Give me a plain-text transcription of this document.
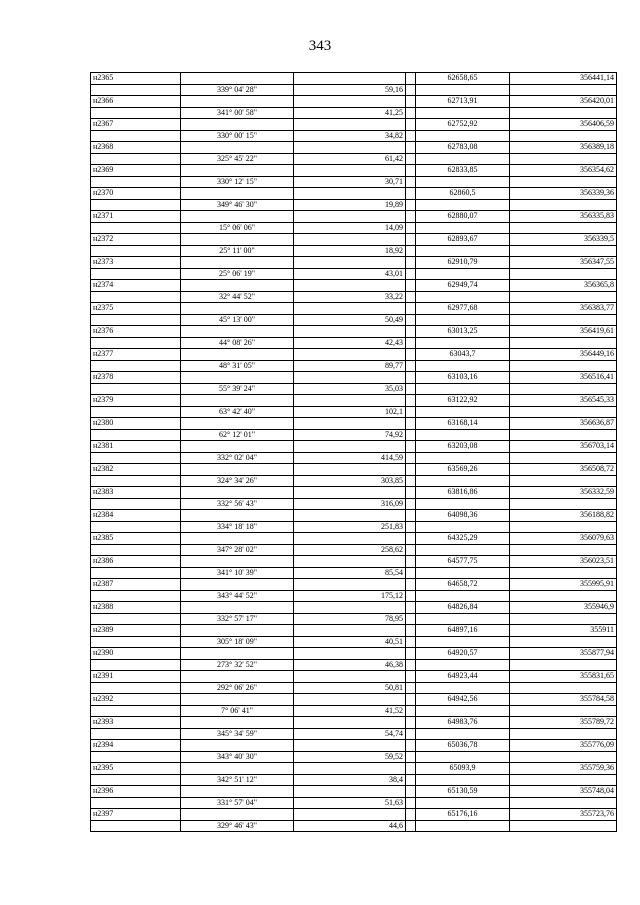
343
н2365				62658,65	356441,14
	339° 04' 28"	59,16			
н2366				62713,91	356420,01
	341° 00' 58"	41,25			
н2367				62752,92	356406,59
	330° 00' 15"	34,82			
н2368				62783,08	356389,18
	325° 45' 22"	61,42			
н2369				62833,85	356354,62
	330° 12' 15"	30,71			
н2370				62860,5	356339,36
	349° 46' 30"	19,89			
н2371				62880,07	356335,83
	15° 06' 06"	14,09			
н2372				62893,67	356339,5
	25° 11' 00"	18,92			
н2373				62910,79	356347,55
	25° 06' 19"	43,01			
н2374				62949,74	356365,8
	32° 44' 52"	33,22			
н2375				62977,68	356383,77
	45° 13' 00"	50,49			
н2376				63013,25	356419,61
	44° 08' 26"	42,43			
н2377				63043,7	356449,16
	48° 31' 05"	89,77			
н2378				63103,16	356516,41
	55° 39' 24"	35,03			
н2379				63122,92	356545,33
	63° 42' 40"	102,1			
н2380				63168,14	356636,87
	62° 12' 01"	74,92			
н2381				63203,08	356703,14
	332° 02' 04"	414,59			
н2382				63569,26	356508,72
	324° 34' 26"	303,85			
н2383				63816,86	356332,59
	332° 56' 43"	316,09			
н2384				64098,36	356188,82
	334° 18' 18"	251,83			
н2385				64325,29	356079,63
	347° 28' 02"	258,62			
н2386				64577,75	356023,51
	341° 10' 39"	85,54			
н2387				64658,72	355995,91
	343° 44' 52"	175,12			
н2388				64826,84	355946,9
	332° 57' 17"	78,95			
н2389				64897,16	355911
	305° 18' 09"	40,51			
н2390				64920,57	355877,94
	273° 32' 52"	46,38			
н2391				64923,44	355831,65
	292° 06' 26"	50,81			
н2392				64942,56	355784,58
	7° 06' 41"	41,52			
н2393				64983,76	355789,72
	345° 34' 59"	54,74			
н2394				65036,78	355776,09
	343° 40' 30"	59,52			
н2395				65093,9	355759,36
	342° 51' 12"	38,4			
н2396				65130,59	355748,04
	331° 57' 04"	51,63			
н2397				65176,16	355723,76
	329° 46' 43"	44,6			
